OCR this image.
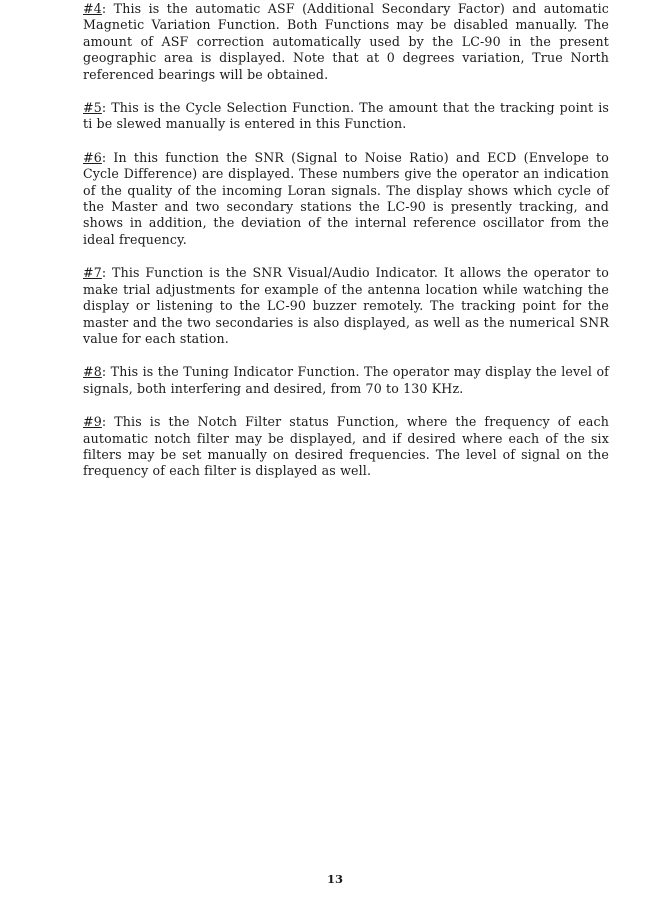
#4: This is the automatic ASF (Additional Secondary Factor) and automatic Magnetic Variation Function. Both Functions may be disabled manually. The amount of ASF correction automatically used by the LC-90 in the present geographic area is displayed. Note that at 0 degrees variation, True North referenced bearings will be obtained.

#5: This is the Cycle Selection Function. The amount that the tracking point is ti be slewed manually is entered in this Function.

#6: In this function the SNR (Signal to Noise Ratio) and ECD (Envelope to Cycle Difference) are displayed. These numbers give the operator an indication of the quality of the incoming Loran signals. The display shows which cycle of the Master and two secondary stations the LC-90 is presently tracking, and shows in addition, the deviation of the internal reference oscillator from the ideal frequency.

#7: This Function is the SNR Visual/Audio Indicator. It allows the operator to make trial adjustments for example of the antenna location while watching the display or listening to the LC-90 buzzer remotely. The tracking point for the master and the two secondaries is also displayed, as well as the numerical SNR value for each station.

#8: This is the Tuning Indicator Function. The operator may display the level of signals, both interfering and desired, from 70 to 130 KHz.

#9: This is the Notch Filter status Function, where the frequency of each automatic notch filter may be displayed, and if desired where each of the six filters may be set manually on desired frequencies. The level of signal on the frequency of each filter is displayed as well.

13
